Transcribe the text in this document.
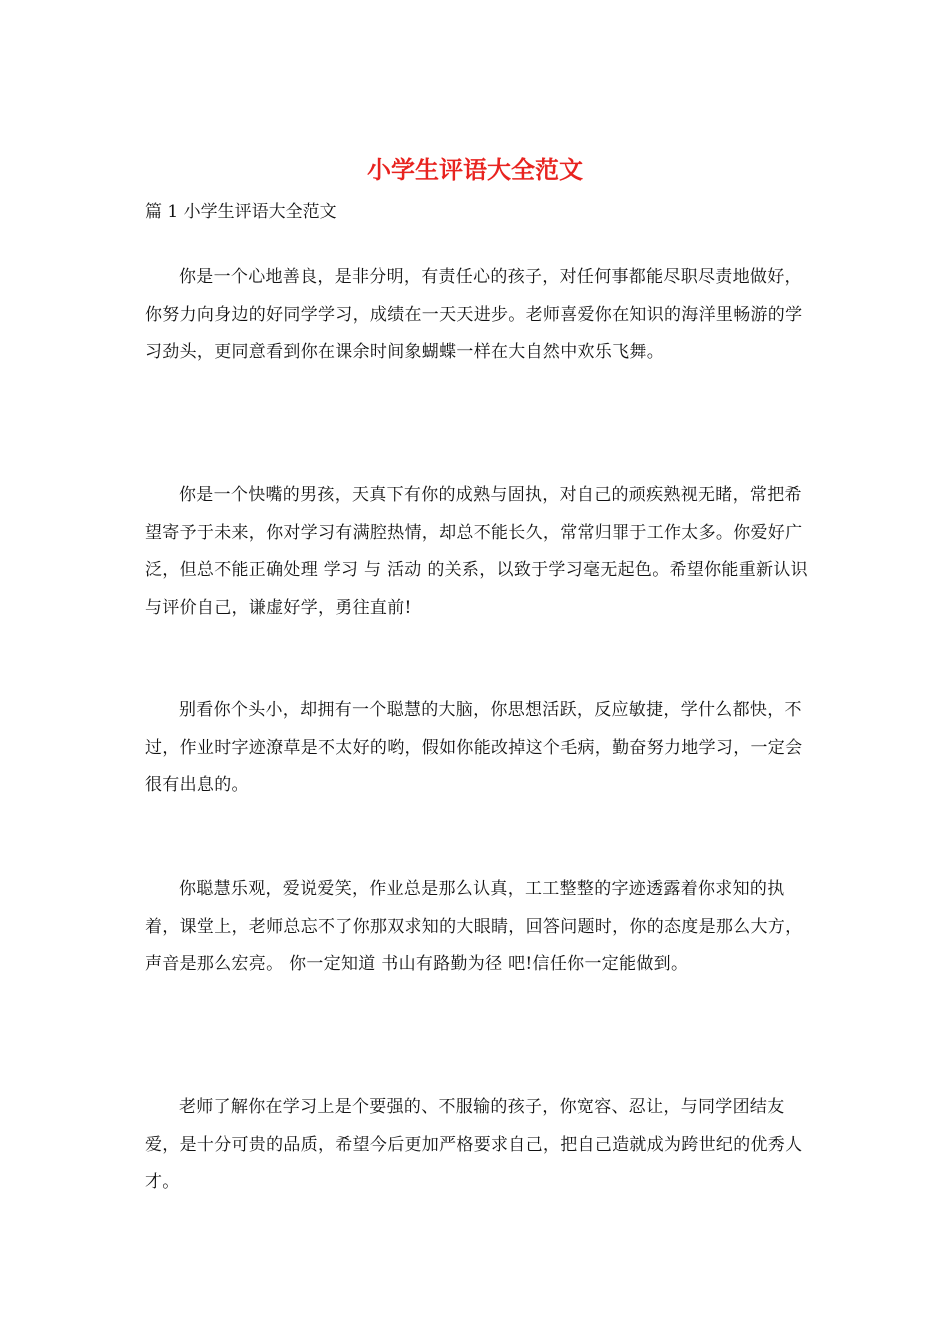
小学生评语大全范文
篇 1 小学生评语大全范文

你是一个心地善良，是非分明，有责任心的孩子，对任何事都能尽职尽责地做好，你努力向身边的好同学学习，成绩在一天天进步。老师喜爱你在知识的海洋里畅游的学习劲头，更同意看到你在课余时间象蝴蝶一样在大自然中欢乐飞舞。

你是一个快嘴的男孩，天真下有你的成熟与固执，对自己的顽疾熟视无睹，常把希望寄予于未来，你对学习有满腔热情，却总不能长久，常常归罪于工作太多。你爱好广泛，但总不能正确处理 学习 与 活动 的关系，以致于学习毫无起色。希望你能重新认识与评价自己，谦虚好学，勇往直前!

别看你个头小，却拥有一个聪慧的大脑，你思想活跃，反应敏捷，学什么都快，不过，作业时字迹潦草是不太好的哟，假如你能改掉这个毛病，勤奋努力地学习，一定会很有出息的。

你聪慧乐观，爱说爱笑，作业总是那么认真，工工整整的字迹透露着你求知的执着，课堂上，老师总忘不了你那双求知的大眼睛，回答问题时，你的态度是那么大方，声音是那么宏亮。 你一定知道 书山有路勤为径 吧!信任你一定能做到。

老师了解你在学习上是个要强的、不服输的孩子，你宽容、忍让，与同学团结友爱，是十分可贵的品质，希望今后更加严格要求自己，把自己造就成为跨世纪的优秀人才。
